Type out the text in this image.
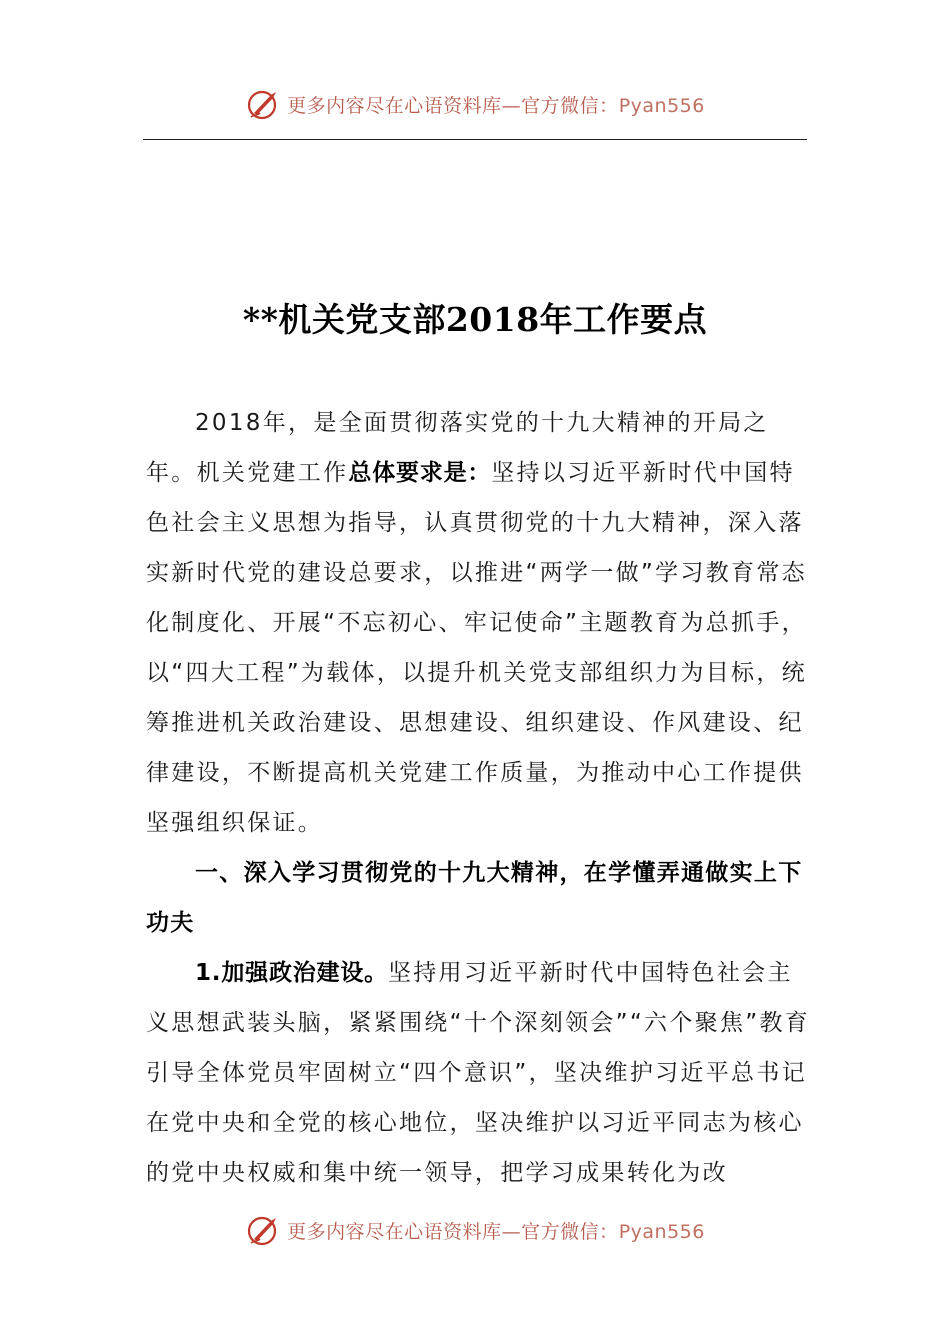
更多内容尽在心语资料库—官方微信：Pyan556
**机关党支部2018年工作要点

2018年，是全面贯彻落实党的十九大精神的开局之年。机关党建工作总体要求是：坚持以习近平新时代中国特色社会主义思想为指导，认真贯彻党的十九大精神，深入落实新时代党的建设总要求，以推进“两学一做”学习教育常态化制度化、开展“不忘初心、牢记使命”主题教育为总抓手，以“四大工程”为载体，以提升机关党支部组织力为目标，统筹推进机关政治建设、思想建设、组织建设、作风建设、纪律建设，不断提高机关党建工作质量，为推动中心工作提供坚强组织保证。

一、深入学习贯彻党的十九大精神，在学懂弄通做实上下功夫

1.加强政治建设。坚持用习近平新时代中国特色社会主义思想武装头脑，紧紧围绕“十个深刻领会”“六个聚焦”教育引导全体党员牢固树立“四个意识”，坚决维护习近平总书记在党中央和全党的核心地位，坚决维护以习近平同志为核心的党中央权威和集中统一领导，把学习成果转化为改

更多内容尽在心语资料库—官方微信：Pyan556
